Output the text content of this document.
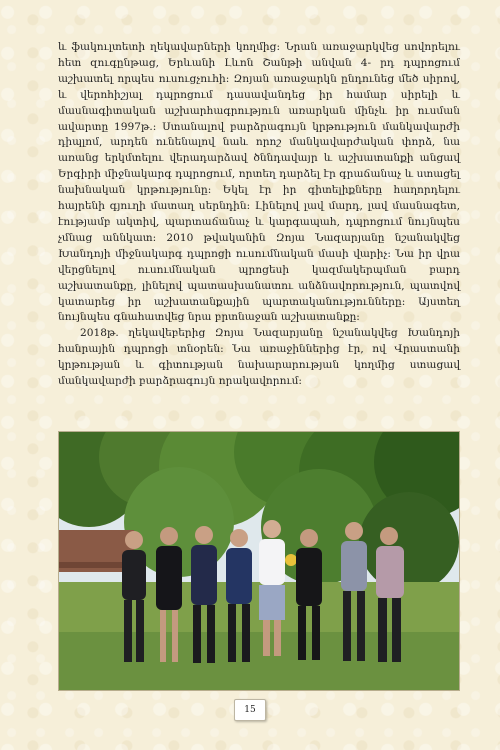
և ֆակուլտետի ղեկավարների կողմից: Նրան առաջարկվեց սովորելու հետ զուգընթաց, Երևանի Լևոն Շանթի անվան 4- րդ դպրոցում աշխատել որպես ուսուցչուհի: Զոյան առաջարկն ընդունեց մեծ սիրով, և վերոհիշյալ դպրոցում դասավանդեց իր համար սիրելի և մասնագիտական աշխարհագրություն առարկան մինչև իր ուսման ավարտը 1997թ.: Ստանալով բարձրագույն կրթություն մանկավարժի դիպլոմ, արդեն ունենալով նաև որոշ մանկավարժական փորձ, նա առանց երկմտելու վերադարձավ ծննդավայր և աշխատանքի անցավ Երգիրի միջնակարգ դպրոցում, որտեղ դարձել էր գրաճանաչ և ստացել նախնական կրթությունը: Եկել էր իր գիտելիքները հաղորդելու հայրենի գյուղի մատաղ սերնդին: Լինելով լավ մարդ, լավ մասնագետ, էությամբ ակտիվ, պարտաճանաչ և կարգապահ, դպրոցում նույնպես չմնաց աննկատ: 2010 թվականին Զոյա Նազարյանը նշանակվեց Խանդոյի միջնակարգ դպրոցի ուսումնական մասի վարիչ: Նա իր վրա վերցնելով ուսումնական պրոցեսի կազմակերպման բարդ աշխատանքը, լինելով պատասխանատու անձնավորություն, պատվով կատարեց իր աշխատանքային պարտականությունները: Այստեղ նույնպես գնահատվեց նրա բրտնաջան աշխատանքը:

2018թ. ղեկավեբերից Զոյա Նազարյանը նշանակվեց Խանդոյի հանրային դպրոցի տնօրեն: Նա առաջիններից էր, ով Վրաստանի կրթության և գիտության նախարարության կողմից ստացավ մանկավարժի բարձրագույն որակավորում:

15
